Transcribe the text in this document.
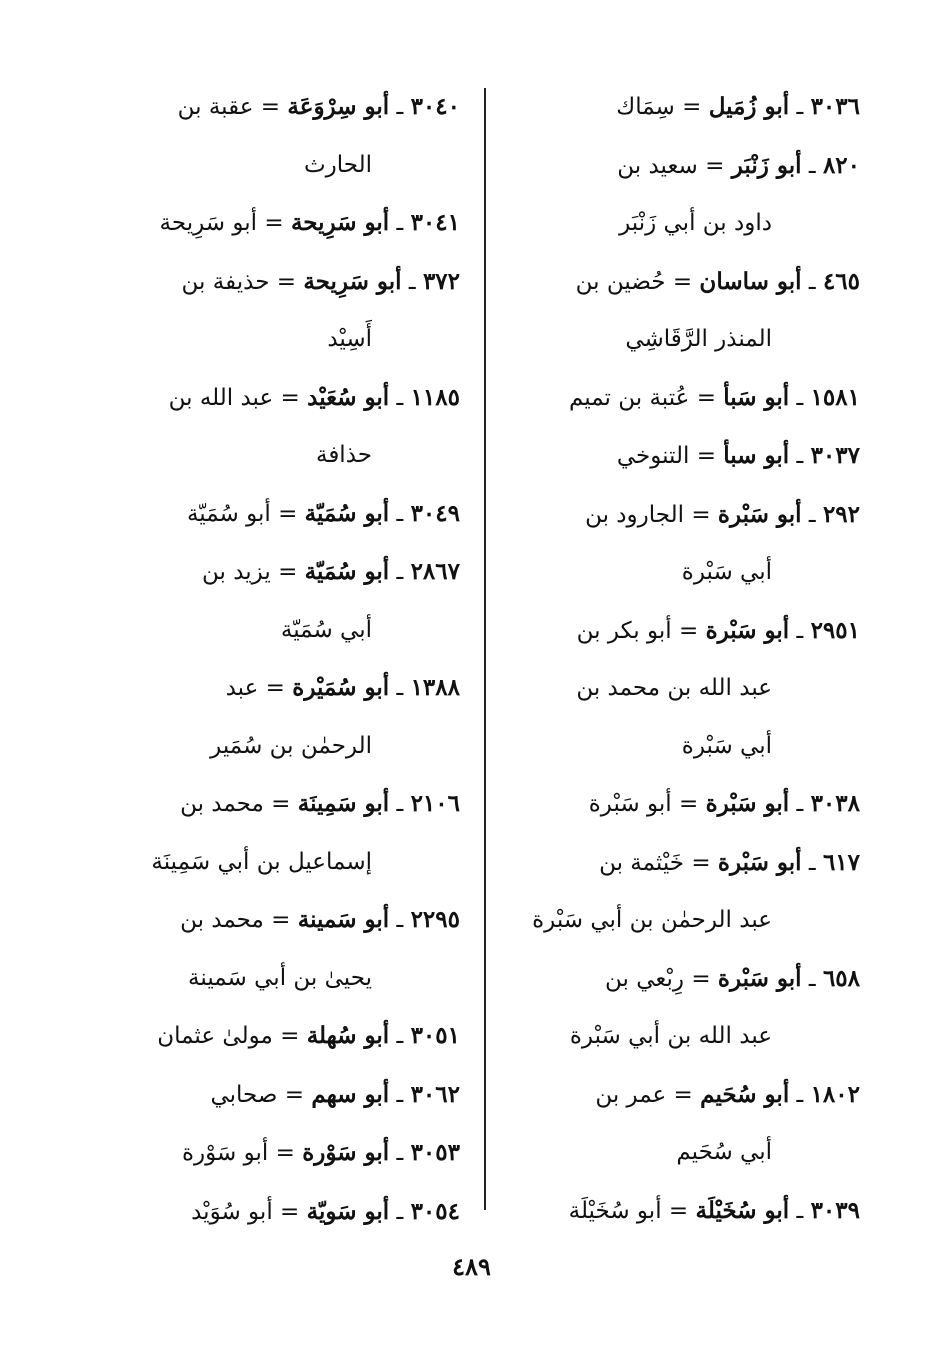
٣٠٣٦ ـ أبو زُمَيل = سِمَاك
٨٢٠ ـ أبو زَنْبَر = سعيد بن
داود بن أبي زَنْبَر
٤٦٥ ـ أبو ساسان = حُضين بن
المنذر الرَّقَاشِي
١٥٨١ ـ أبو سَبأ = عُتبة بن تميم
٣٠٣٧ ـ أبو سبأ = التنوخي
٢٩٢ ـ أبو سَبْرة = الجارود بن
أبي سَبْرة
٢٩٥١ ـ أبو سَبْرة = أبو بكر بن
عبد الله بن محمد بن
أبي سَبْرة
٣٠٣٨ ـ أبو سَبْرة = أبو سَبْرة
٦١٧ ـ أبو سَبْرة = خَيْثمة بن
عبد الرحمٰن بن أبي سَبْرة
٦٥٨ ـ أبو سَبْرة = رِبْعي بن
عبد الله بن أبي سَبْرة
١٨٠٢ ـ أبو سُحَيم = عمر بن
أبي سُحَيم
٣٠٣٩ ـ أبو سُخَيْلَة = أبو سُخَيْلَة
٣٠٤٠ ـ أبو سِرْوَعَة = عقبة بن
الحارث
٣٠٤١ ـ أبو سَرِيحة = أبو سَرِيحة
٣٧٢ ـ أبو سَرِيحة = حذيفة بن
أَسِيْد
١١٨٥ ـ أبو سُعَيْد = عبد الله بن
حذافة
٣٠٤٩ ـ أبو سُمَيّة = أبو سُمَيّة
٢٨٦٧ ـ أبو سُمَيّة = يزيد بن
أبي سُمَيّة
١٣٨٨ ـ أبو سُمَيْرة = عبد
الرحمٰن بن سُمَير
٢١٠٦ ـ أبو سَمِينَة = محمد بن
إسماعيل بن أبي سَمِينَة
٢٢٩٥ ـ أبو سَمينة = محمد بن
يحيىٰ بن أبي سَمينة
٣٠٥١ ـ أبو سُهلة = مولىٰ عثمان
٣٠٦٢ ـ أبو سهم = صحابي
٣٠٥٣ ـ أبو سَوْرة = أبو سَوْرة
٣٠٥٤ ـ أبو سَويّة = أبو سُوَيْد
٤٨٩
